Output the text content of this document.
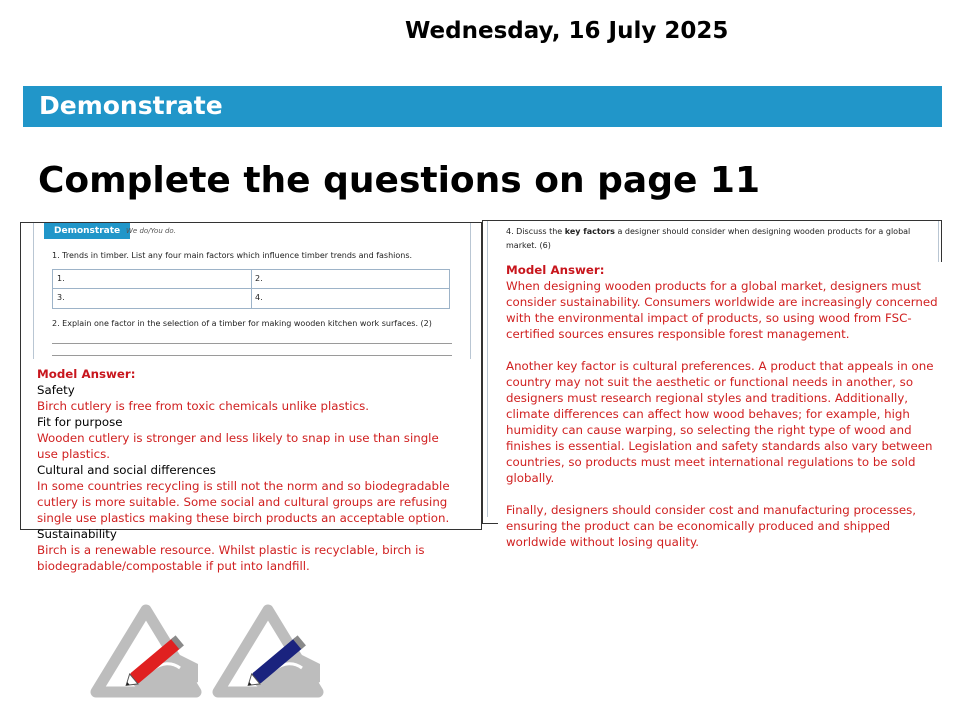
Wednesday, 16 July 2025
Demonstrate
Complete the questions on page 11
Demonstrate We do/You do.
1. Trends in timber. List any four main factors which influence timber trends and fashions.
1.	2.
3.	4.
2. Explain one factor in the selection of a timber for making wooden kitchen work surfaces. (2)

Model Answer:

Safety

Birch cutlery is free from toxic chemicals unlike plastics.

Fit for purpose

Wooden cutlery is stronger and less likely to snap in use than single use plastics.

Cultural and social differences

In some countries recycling is still not the norm and so biodegradable cutlery is more suitable. Some social and cultural groups are refusing single use plastics making these birch products an acceptable option.

Sustainability

Birch is a renewable resource. Whilst plastic is recyclable, birch is biodegradable/compostable if put into landfill.

4. Discuss the key factors a designer should consider when designing wooden products for a global market. (6)

Model Answer:

When designing wooden products for a global market, designers must consider sustainability. Consumers worldwide are increasingly concerned with the environmental impact of products, so using wood from FSC-certified sources ensures responsible forest management.

Another key factor is cultural preferences. A product that appeals in one country may not suit the aesthetic or functional needs in another, so designers must research regional styles and traditions. Additionally, climate differences can affect how wood behaves; for example, high humidity can cause warping, so selecting the right type of wood and finishes is essential. Legislation and safety standards also vary between countries, so products must meet international regulations to be sold globally.

Finally, designers should consider cost and manufacturing processes, ensuring the product can be economically produced and shipped worldwide without losing quality.
